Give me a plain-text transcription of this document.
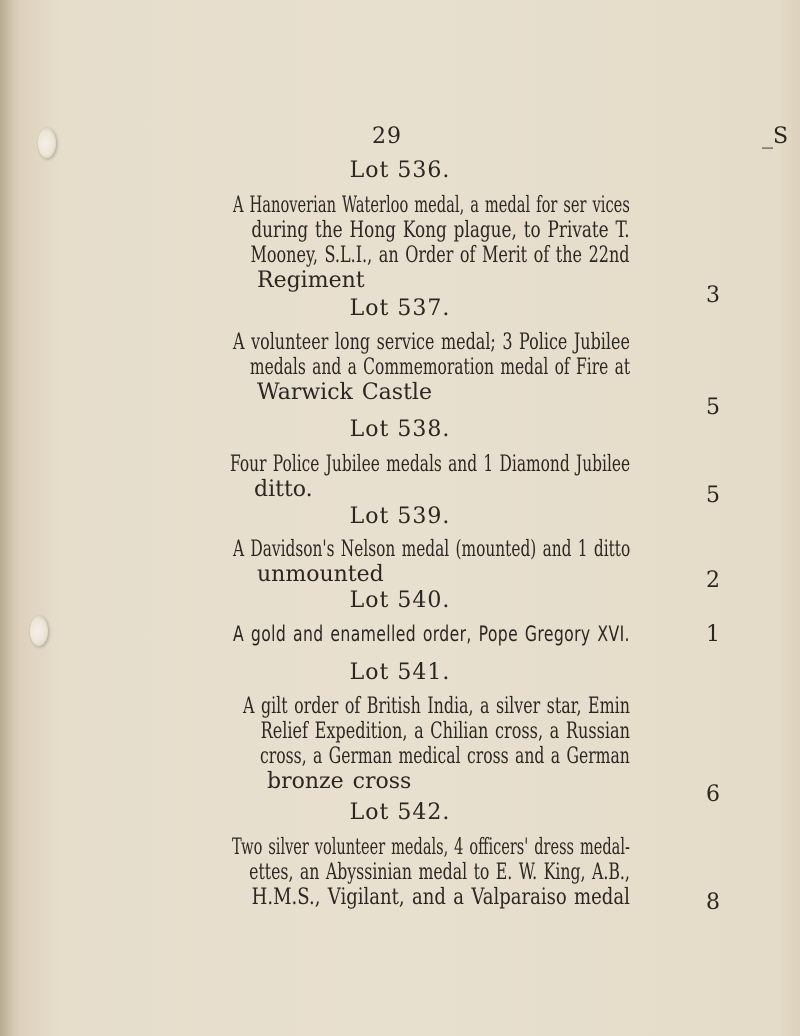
29	_S
Lot 536.
A Hanoverian Waterloo medal, a medal for ser vices
during the Hong Kong plague, to Private T.
Mooney, S.L.I., an Order of Merit of the 22nd
Regiment
3
Lot 537.
A volunteer long service medal; 3 Police Jubilee
medals and a Commemoration medal of Fire at
Warwick Castle
5
Lot 538.
Four Police Jubilee medals and 1 Diamond Jubilee
ditto.	5
Lot 539.
A Davidson's Nelson medal (mounted) and 1 ditto
unmounted	2
Lot 540.
A gold and enamelled order, Pope Gregory XVI.	1
Lot 541.
A gilt order of British India, a silver star, Emin
Relief Expedition, a Chilian cross, a Russian
cross, a German medical cross and a German
bronze cross
6
Lot 542.
Two silver volunteer medals, 4 officers' dress medal-
ettes, an Abyssinian medal to E. W. King, A.B.,
H.M.S., Vigilant, and a Valparaiso medal	8
